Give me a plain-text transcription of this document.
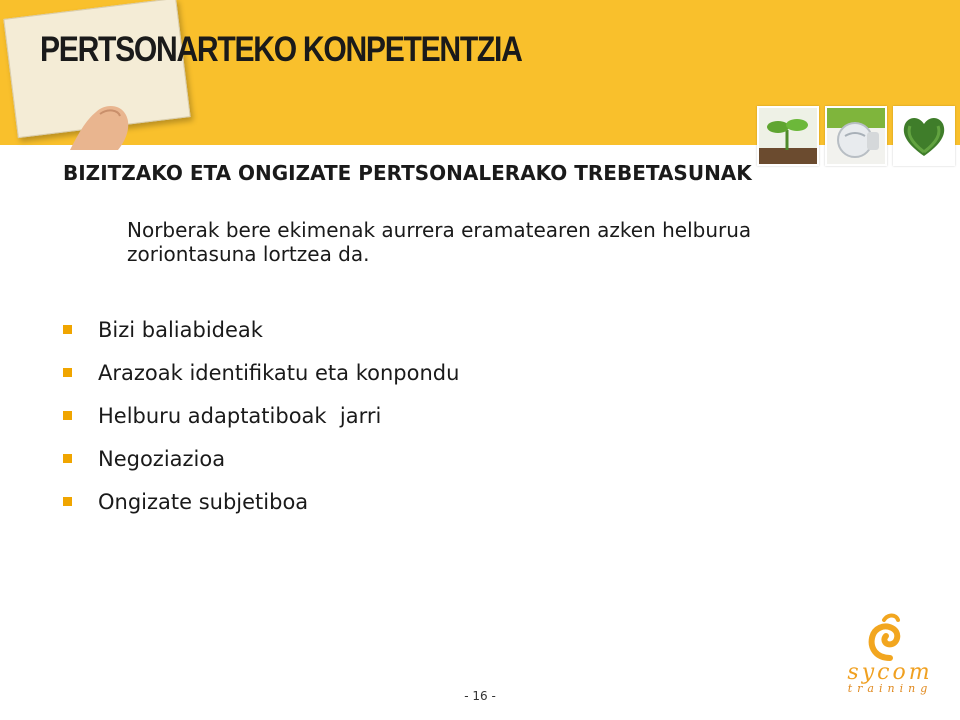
PERTSONARTEKO KONPETENTZIA

BIZITZAKO ETA ONGIZATE PERTSONALERAKO TREBETASUNAK

Norberak bere ekimenak aurrera eramatearen azken helburua zoriontasuna lortzea da.

Bizi baliabideak
Arazoak identifikatu eta konpondu
Helburu adaptatiboak  jarri
Negoziazioa
Ongizate subjetiboa
- 16 -
sycom
training
